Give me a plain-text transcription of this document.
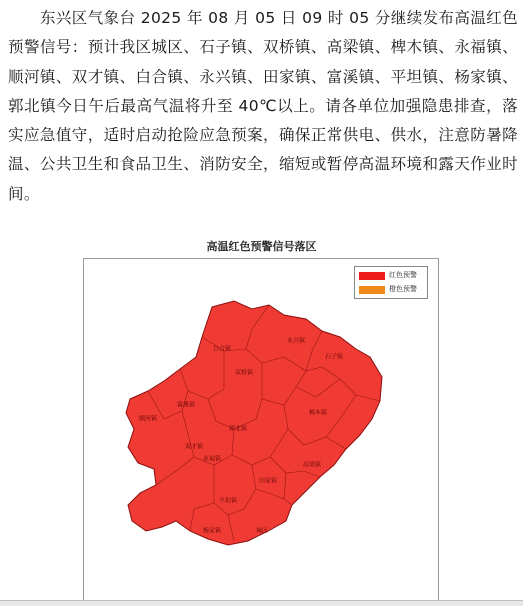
东兴区气象台 2025 年 08 月 05 日 09 时 05 分继续发布高温红色预警信号：预计我区城区、石子镇、双桥镇、高梁镇、椑木镇、永福镇、顺河镇、双才镇、白合镇、永兴镇、田家镇、富溪镇、平坦镇、杨家镇、郭北镇今日午后最高气温将升至 40℃以上。请各单位加强隐患排查，落实应急值守，适时启动抢险应急预案，确保正常供电、供水，注意防暑降温、公共卫生和食品卫生、消防安全，缩短或暂停高温环境和露天作业时间。

高温红色预警信号落区
红色预警
橙色预警
白合镇
永兴镇
石子镇
双桥镇
富溪镇
顺河镇
郭北镇
椑木镇
双才镇
永福镇
高梁镇
平坦镇
田家镇
杨家镇	城区
